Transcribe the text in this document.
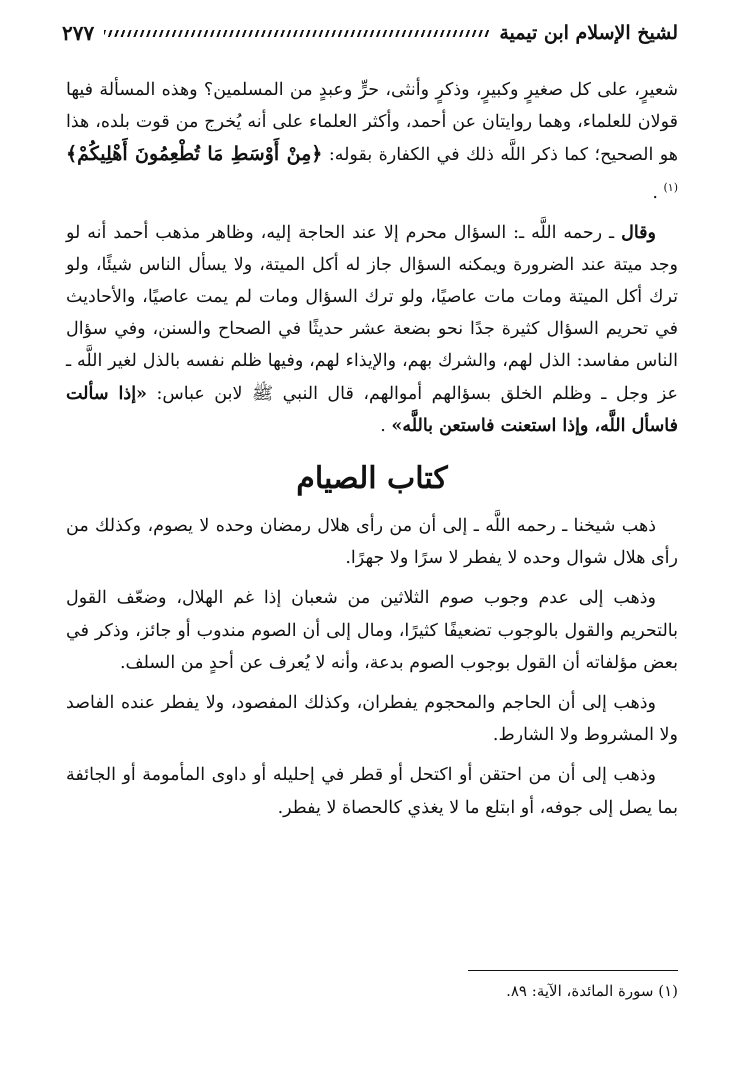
لشيخ الإسلام ابن تيمية
٢٧٧

شعيرٍ، على كل صغيرٍ وكبيرٍ، وذكرٍ وأنثى، حرٍّ وعبدٍ من المسلمين؟ وهذه المسألة فيها قولان للعلماء، وهما روايتان عن أحمد، وأكثر العلماء على أنه يُخرج من قوت بلده، هذا هو الصحيح؛ كما ذكر اللَّه ذلك في الكفارة بقوله: ﴿مِنْ أَوْسَطِ مَا تُطْعِمُونَ أَهْلِيكُمْ﴾$^{(١)}$ .

وقال ـ رحمه اللَّه ـ: السؤال محرم إلا عند الحاجة إليه، وظاهر مذهب أحمد أنه لو وجد ميتة عند الضرورة ويمكنه السؤال جاز له أكل الميتة، ولا يسأل الناس شيئًا، ولو ترك أكل الميتة ومات مات عاصيًا، ولو ترك السؤال ومات لم يمت عاصيًا، والأحاديث في تحريم السؤال كثيرة جدًا نحو بضعة عشر حديثًا في الصحاح والسنن، وفي سؤال الناس مفاسد: الذل لهم، والشرك بهم، والإيذاء لهم، وفيها ظلم نفسه بالذل لغير اللَّه ـ عز وجل ـ وظلم الخلق بسؤالهم أموالهم، قال النبي ﷺ لابن عباس: «إذا سألت فاسأل اللَّه، وإذا استعنت فاستعن باللَّه» .

كتاب الصيام

ذهب شيخنا ـ رحمه اللَّه ـ إلى أن من رأى هلال رمضان وحده لا يصوم، وكذلك من رأى هلال شوال وحده لا يفطر لا سرًا ولا جهرًا.

وذهب إلى عدم وجوب صوم الثلاثين من شعبان إذا غم الهلال، وضعّف القول بالتحريم والقول بالوجوب تضعيفًا كثيرًا، ومال إلى أن الصوم مندوب أو جائز، وذكر في بعض مؤلفاته أن القول بوجوب الصوم بدعة، وأنه لا يُعرف عن أحدٍ من السلف.

وذهب إلى أن الحاجم والمحجوم يفطران، وكذلك المفصود، ولا يفطر عنده الفاصد ولا المشروط ولا الشارط.

وذهب إلى أن من احتقن أو اكتحل أو قطر في إحليله أو داوى المأمومة أو الجائفة بما يصل إلى جوفه، أو ابتلع ما لا يغذي كالحصاة لا يفطر.

(١) سورة المائدة، الآية: ٨٩.
